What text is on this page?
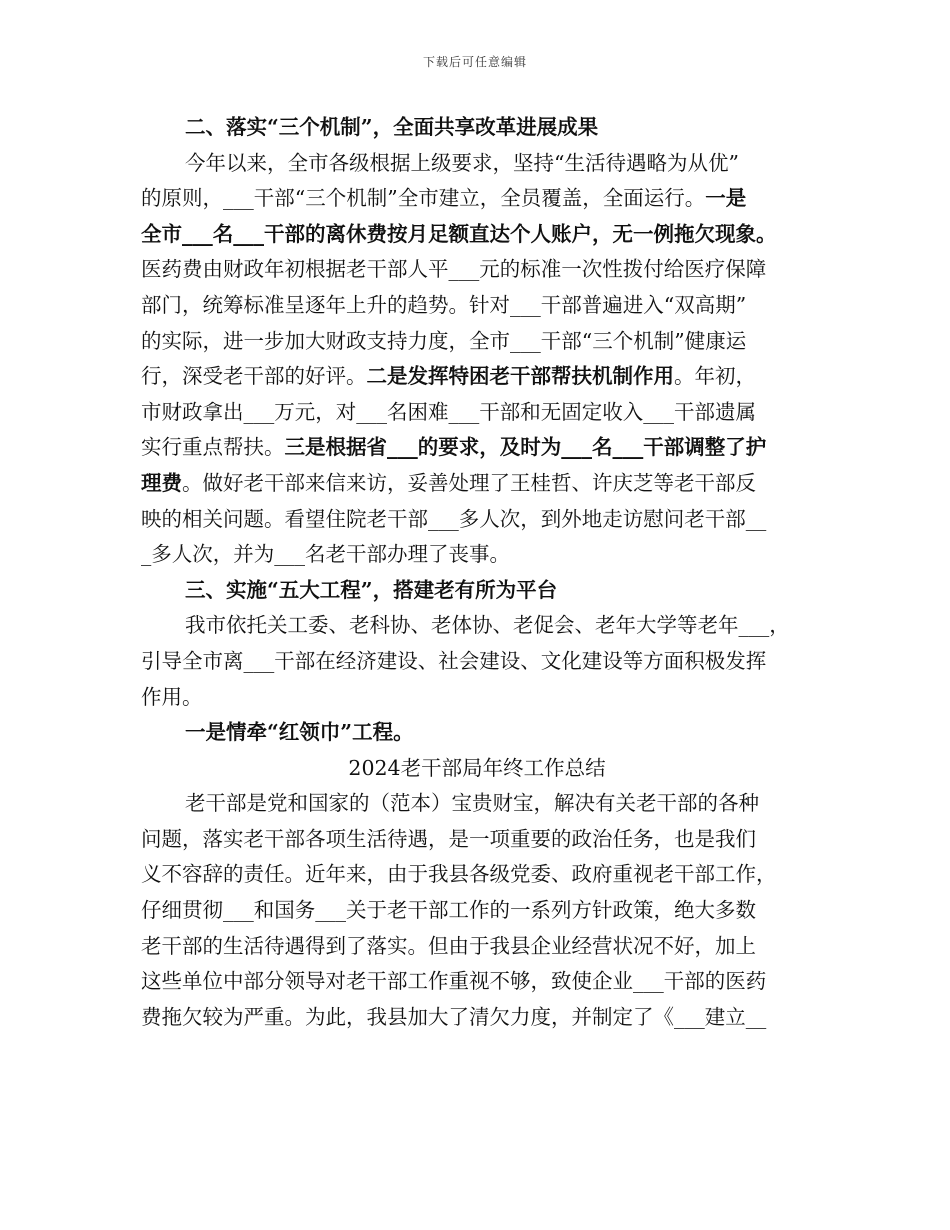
下载后可任意编辑
二、落实“三个机制”，全面共享改革进展成果
今年以来，全市各级根据上级要求，坚持“生活待遇略为从优”
的原则，___干部“三个机制”全市建立，全员覆盖，全面运行。一是
全市___名___干部的离休费按月足额直达个人账户，无一例拖欠现象。
医药费由财政年初根据老干部人平___元的标准一次性拨付给医疗保障
部门，统筹标准呈逐年上升的趋势。针对___干部普遍进入“双高期”
的实际，进一步加大财政支持力度，全市___干部“三个机制”健康运
行，深受老干部的好评。二是发挥特困老干部帮扶机制作用。年初，
市财政拿出___万元，对___名困难___干部和无固定收入___干部遗属
实行重点帮扶。三是根据省___的要求，及时为___名___干部调整了护
理费。做好老干部来信来访，妥善处理了王桂哲、许庆芝等老干部反
映的相关问题。看望住院老干部___多人次，到外地走访慰问老干部__
_多人次，并为___名老干部办理了丧事。
三、实施“五大工程”，搭建老有所为平台
我市依托关工委、老科协、老体协、老促会、老年大学等老年___，
引导全市离___干部在经济建设、社会建设、文化建设等方面积极发挥
作用。
一是情牵“红领巾”工程。
2024老干部局年终工作总结
老干部是党和国家的（范本）宝贵财宝，解决有关老干部的各种
问题，落实老干部各项生活待遇，是一项重要的政治任务，也是我们
义不容辞的责任。近年来，由于我县各级党委、政府重视老干部工作，
仔细贯彻___和国务___关于老干部工作的一系列方针政策，绝大多数
老干部的生活待遇得到了落实。但由于我县企业经营状况不好，加上
这些单位中部分领导对老干部工作重视不够，致使企业___干部的医药
费拖欠较为严重。为此，我县加大了清欠力度，并制定了《___建立__
